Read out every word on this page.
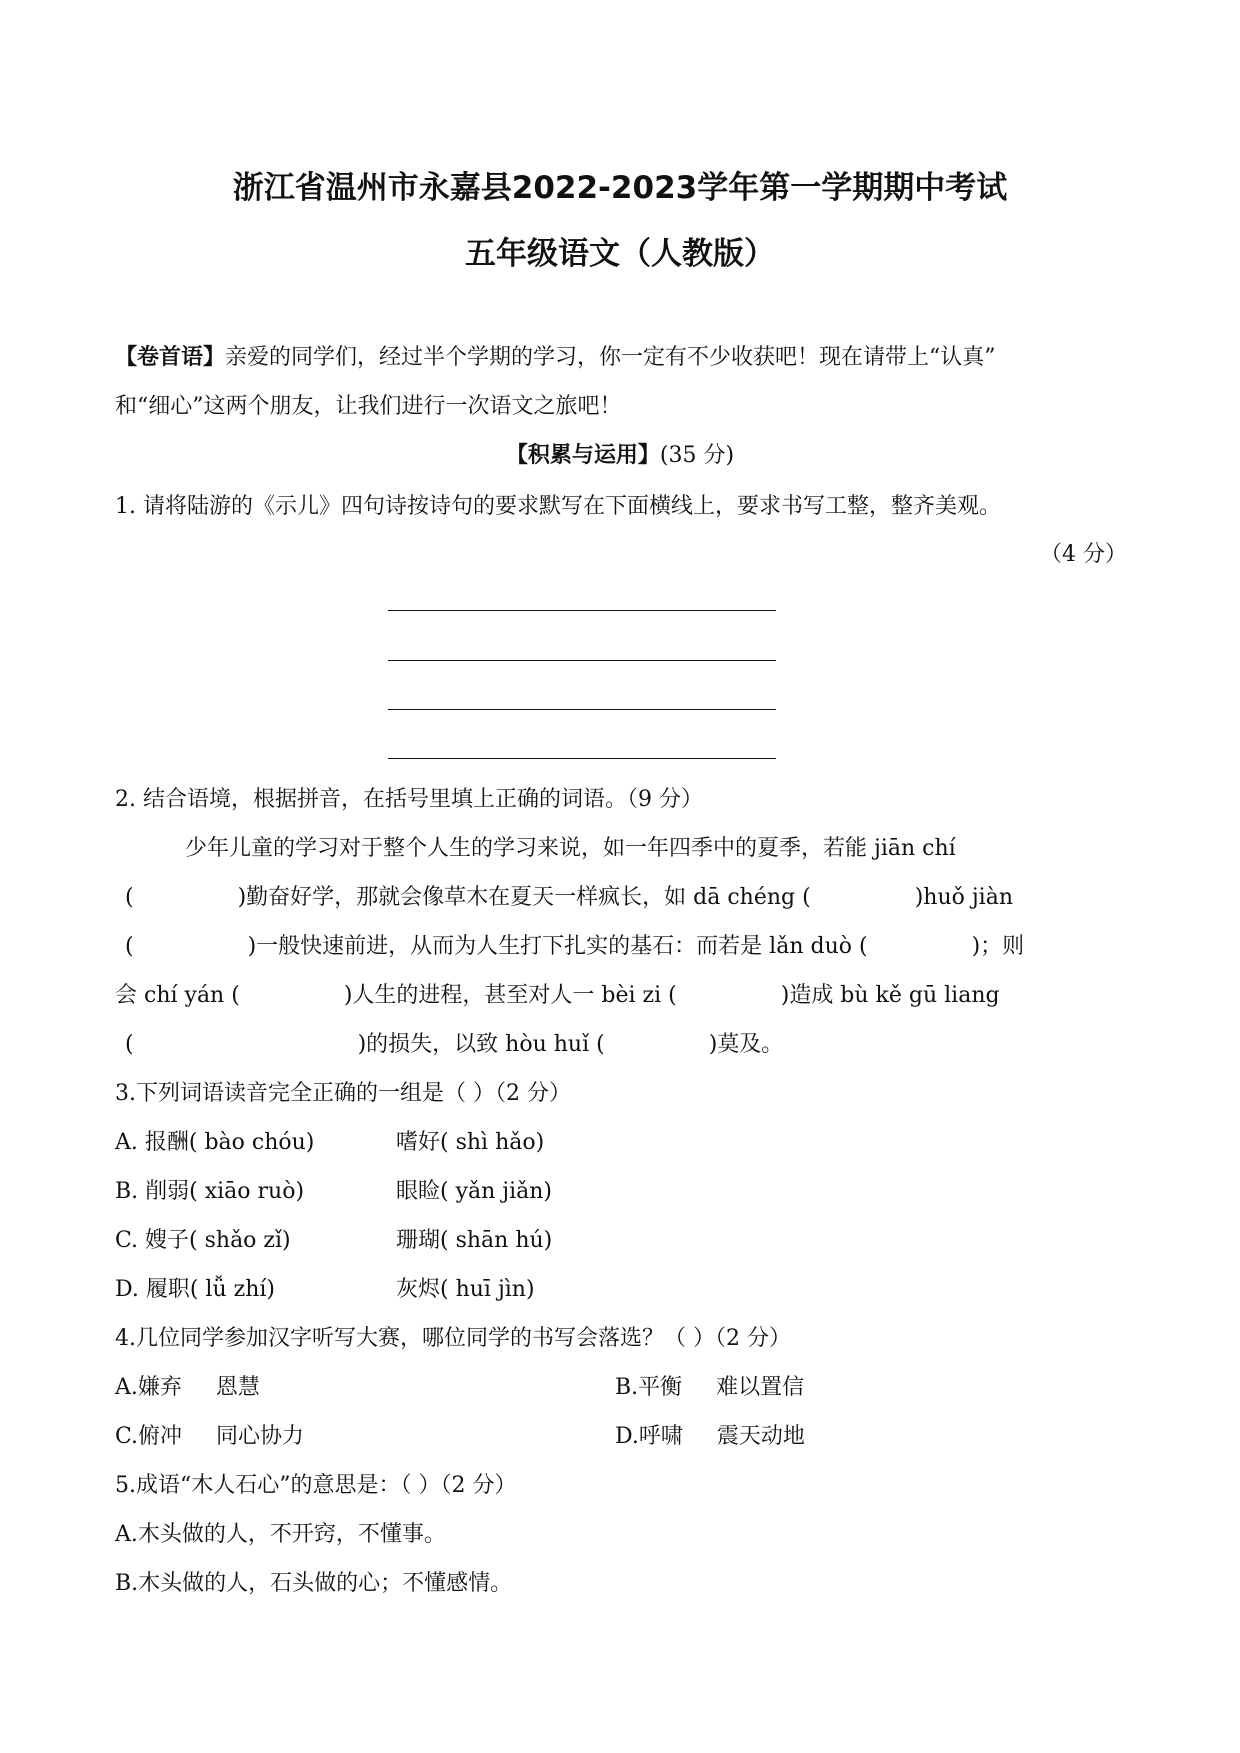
浙江省温州市永嘉县2022-2023学年第一学期期中考试
五年级语文（人教版）
【卷首语】亲爱的同学们，经过半个学期的学习，你一定有不少收获吧！现在请带上“认真”
和“细心”这两个朋友，让我们进行一次语文之旅吧！
【积累与运用】(35 分)
1. 请将陆游的《示儿》四句诗按诗句的要求默写在下面横线上，要求书写工整，整齐美观。
（4 分）
2. 结合语境，根据拼音，在括号里填上正确的词语。（9 分）
少年儿童的学习对于整个人生的学习来说，如一年四季中的夏季，若能 jiān chí
(	)勤奋好学，那就会像草木在夏天一样疯长，如 dā chéng (	)huǒ jiàn
(	)一般快速前进，从而为人生打下扎实的基石：而若是 lǎn duò (	)；则
会 chí yán (	)人生的进程，甚至对人一 bèi zi (	)造成 bù kě gū liang
(	)的损失，以致 hòu huǐ (	)莫及。
3.下列词语读音完全正确的一组是（ ）（2 分）
A. 报酬( bào chóu)	嗜好( shì hǎo)
B. 削弱( xiāo ruò)	眼睑( yǎn jiǎn)
C. 嫂子( shǎo zǐ)	珊瑚( shān hú)
D. 履职( lǚ zhí)	灰烬( huī jìn)
4.几位同学参加汉字听写大赛，哪位同学的书写会落选？（ ）（2 分）
A.嫌弃 恩慧	B.平衡 难以置信
C.俯冲 同心协力	D.呼啸 震天动地
5.成语“木人石心”的意思是：（ ）（2 分）
A.木头做的人，不开窍，不懂事。
B.木头做的人，石头做的心；不懂感情。
